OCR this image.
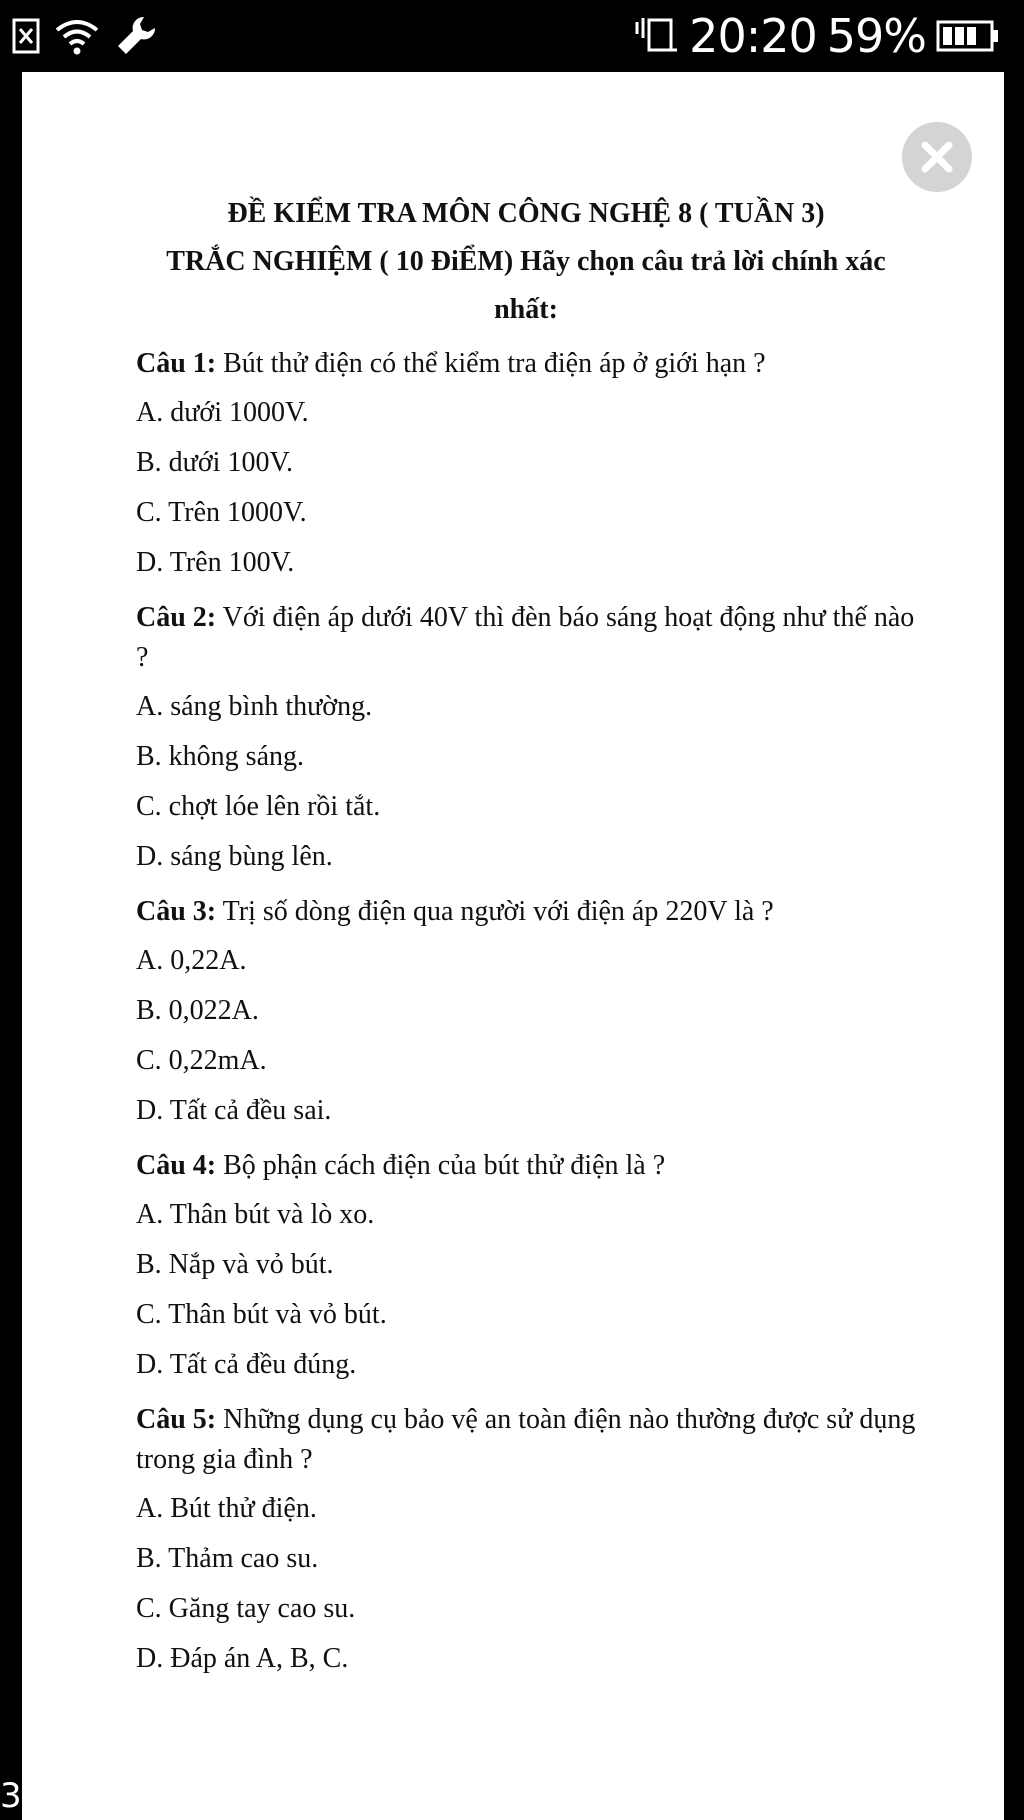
20:20 59%
ĐỀ KIỂM TRA MÔN CÔNG NGHỆ 8 ( TUẦN 3)
TRẮC NGHIỆM ( 10 ĐiỂM) Hãy chọn câu trả lời chính xác nhất:
Câu 1: Bút thử điện có thể kiểm tra điện áp ở giới hạn ?
A. dưới 1000V.
B. dưới 100V.
C. Trên 1000V.
D. Trên 100V.
Câu 2: Với điện áp dưới 40V thì đèn báo sáng hoạt động như thế nào ?
A. sáng bình thường.
B. không sáng.
C. chợt lóe lên rồi tắt.
D. sáng bùng lên.
Câu 3: Trị số dòng điện qua người với điện áp 220V là ?
A. 0,22A.
B. 0,022A.
C. 0,22mA.
D. Tất cả đều sai.
Câu 4: Bộ phận cách điện của bút thử điện là ?
A. Thân bút và lò xo.
B. Nắp và vỏ bút.
C. Thân bút và vỏ bút.
D. Tất cả đều đúng.
Câu 5: Những dụng cụ bảo vệ an toàn điện nào thường được sử dụng trong gia đình ?
A. Bút thử điện.
B. Thảm cao su.
C. Găng tay cao su.
D. Đáp án A, B, C.
3
